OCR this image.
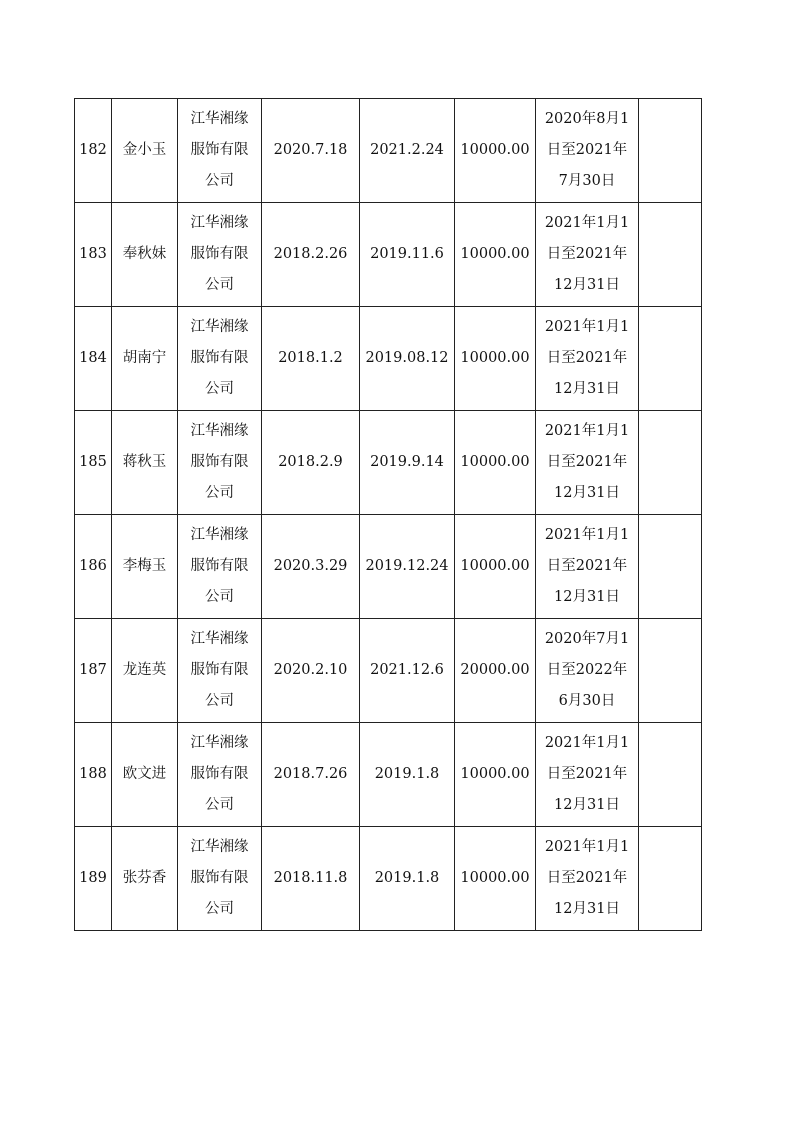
182	金小玉	江华湘缘
服饰有限
公司	2020.7.18	2021.2.24	10000.00	2020年8月1
日至2021年
7月30日	

183	奉秋妹	江华湘缘
服饰有限
公司	2018.2.26	2019.11.6	10000.00	2021年1月1
日至2021年
12月31日	

184	胡南宁	江华湘缘
服饰有限
公司	2018.1.2	2019.08.12	10000.00	2021年1月1
日至2021年
12月31日	

185	蒋秋玉	江华湘缘
服饰有限
公司	2018.2.9	2019.9.14	10000.00	2021年1月1
日至2021年
12月31日	

186	李梅玉	江华湘缘
服饰有限
公司	2020.3.29	2019.12.24	10000.00	2021年1月1
日至2021年
12月31日	

187	龙连英	江华湘缘
服饰有限
公司	2020.2.10	2021.12.6	20000.00	2020年7月1
日至2022年
6月30日	

188	欧文进	江华湘缘
服饰有限
公司	2018.7.26	2019.1.8	10000.00	2021年1月1
日至2021年
12月31日	

189	张芬香	江华湘缘
服饰有限
公司	2018.11.8	2019.1.8	10000.00	2021年1月1
日至2021年
12月31日	
